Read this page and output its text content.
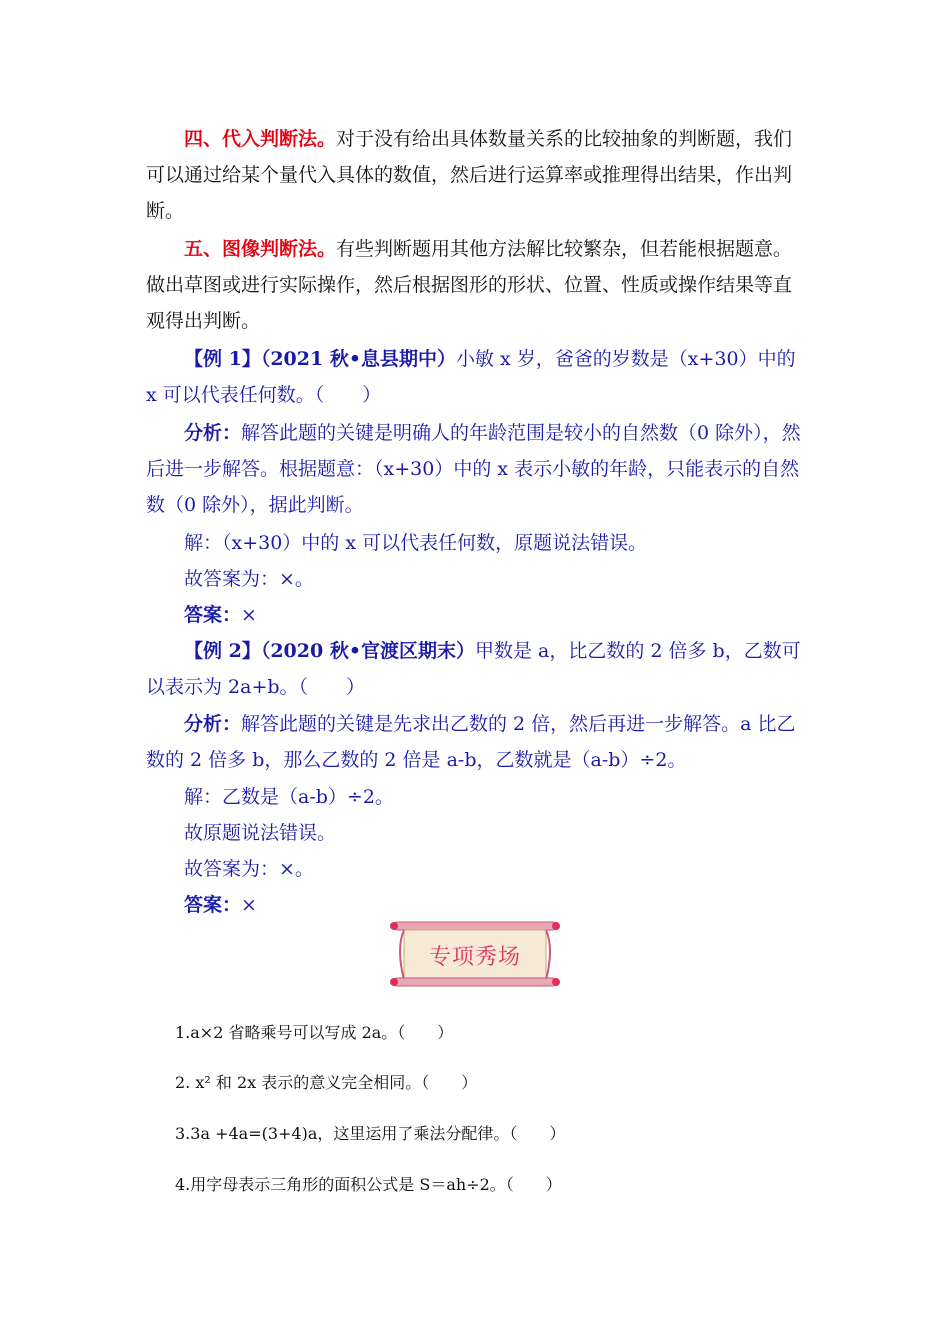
四、代入判断法。对于没有给出具体数量关系的比较抽象的判断题，我们可以通过给某个量代入具体的数值，然后进行运算率或推理得出结果，作出判断。

五、图像判断法。有些判断题用其他方法解比较繁杂，但若能根据题意。做出草图或进行实际操作，然后根据图形的形状、位置、性质或操作结果等直观得出判断。

【例 1】（2021 秋•息县期中）小敏 x 岁，爸爸的岁数是（x+30）中的 x 可以代表任何数。（　　）

分析：解答此题的关键是明确人的年龄范围是较小的自然数（0 除外），然后进一步解答。根据题意：（x+30）中的 x 表示小敏的年龄，只能表示的自然数（0 除外），据此判断。

解：（x+30）中的 x 可以代表任何数，原题说法错误。
故答案为：×。
答案：×

【例 2】（2020 秋•官渡区期末）甲数是 a，比乙数的 2 倍多 b，乙数可以表示为 2a+b。（　　）

分析：解答此题的关键是先求出乙数的 2 倍，然后再进一步解答。a 比乙数的 2 倍多 b，那么乙数的 2 倍是 a-b，乙数就是（a-b）÷2。

解：乙数是（a-b）÷2。
故原题说法错误。
故答案为：×。
答案：×
专项秀场
1.a×2 省略乘号可以写成 2a。（　　）
2. x² 和 2x 表示的意义完全相同。（　　）
3.3a +4a=(3+4)a，这里运用了乘法分配律。（　　）
4.用字母表示三角形的面积公式是 S＝ah÷2。（　　）
